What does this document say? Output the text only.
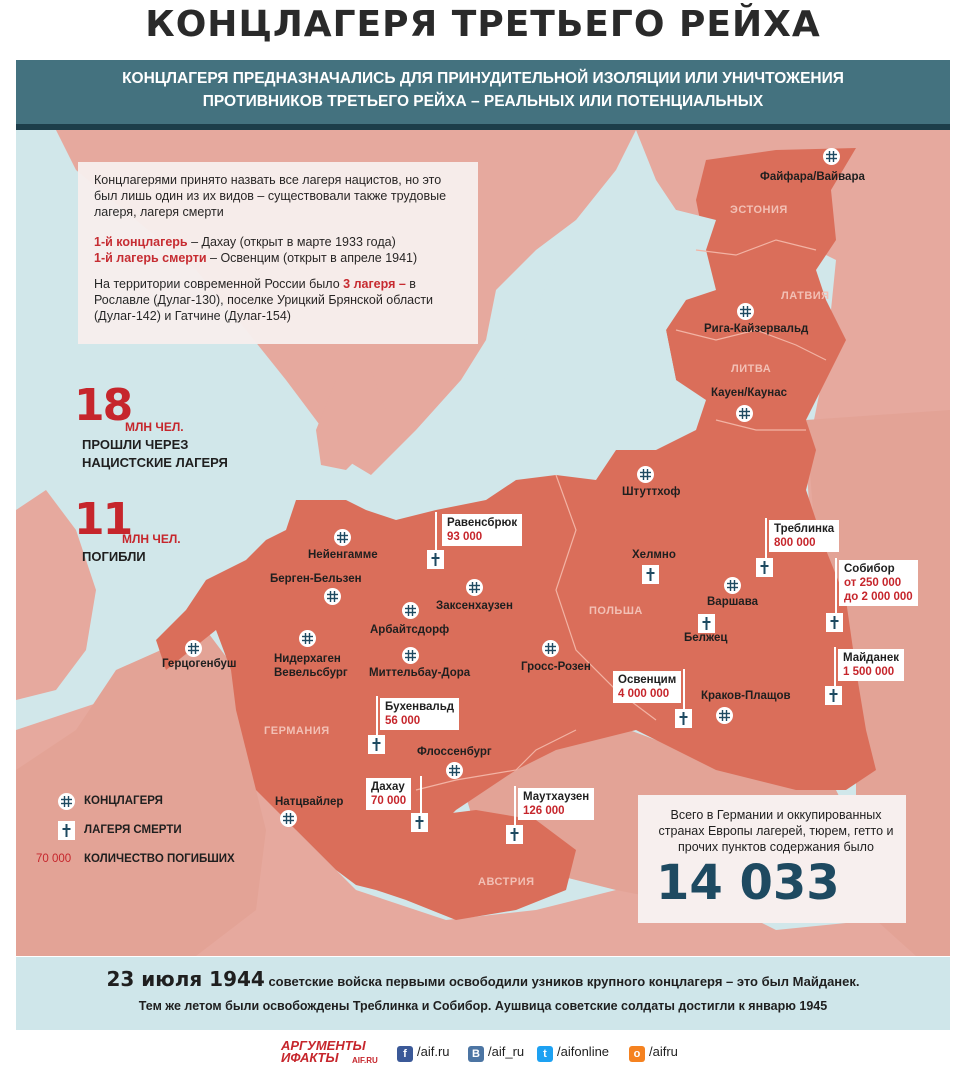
КОНЦЛАГЕРЯ ТРЕТЬЕГО РЕЙХА
КОНЦЛАГЕРЯ ПРЕДНАЗНАЧАЛИСЬ ДЛЯ ПРИНУДИТЕЛЬНОЙ ИЗОЛЯЦИИ ИЛИ УНИЧТОЖЕНИЯ
ПРОТИВНИКОВ ТРЕТЬЕГО РЕЙХА – РЕАЛЬНЫХ ИЛИ ПОТЕНЦИАЛЬНЫХ

Концлагерями принято назвать все лагеря нацистов, но это был лишь один из их видов – существовали также трудовые лагеря, лагеря смерти

1-й концлагерь – Дахау (открыт в марте 1933 года)

1-й лагерь смерти – Освенцим (открыт в апреле 1941)

На территории современной России было 3 лагеря – в Рославле (Дулаг-130), поселке Урицкий Брянской области (Дулаг-142) и Гатчине (Дулаг-154)

18
МЛН ЧЕЛ.
ПРОШЛИ ЧЕРЕЗ
НАЦИСТСКИЕ ЛАГЕРЯ
11
МЛН ЧЕЛ.
ПОГИБЛИ
ЭСТОНИЯ
ЛАТВИЯ
ЛИТВА
ПОЛЬША
ГЕРМАНИЯ
АВСТРИЯ
Файфара/Вайвара
Рига-Кайзервальд
Кауен/Каунас
Штуттхоф
Нейенгамме
Берген-Бельзен
Заксенхаузен
Арбайтсдорф
Герцогенбуш	Нидерхаген Вевельсбург	Миттельбау-Дора	Гросс-Розен
Варшава
Краков-Плащов
Флоссенбург
Натцвайлер
Хелмно
Белжец
Равенсбрюк
93 000
Треблинка
800 000
Собибор
от 250 000
до 2 000 000
Майданек
1 500 000
Освенцим
4 000 000
Бухенвальд
56 000
Дахау
70 000	Маутхаузен
126 000
КОНЦЛАГЕРЯ
ЛАГЕРЯ СМЕРТИ
70 000 КОЛИЧЕСТВО ПОГИБШИХ
Всего в Германии и оккупированных странах Европы лагерей, тюрем, гетто и прочих пунктов содержания было
14 033
23 июля 1944 советские войска первыми освободили узников крупного концлагеря – это был Майданек.
Тем же летом были освобождены Треблинка и Собибор. Аушвица советские солдаты достигли к январю 1945
АРГУМЕНТЫ
ИФАКТЫ	AIF.RU
f /aif.ru	B /aif_ru	t /aifonline	о /aifru
